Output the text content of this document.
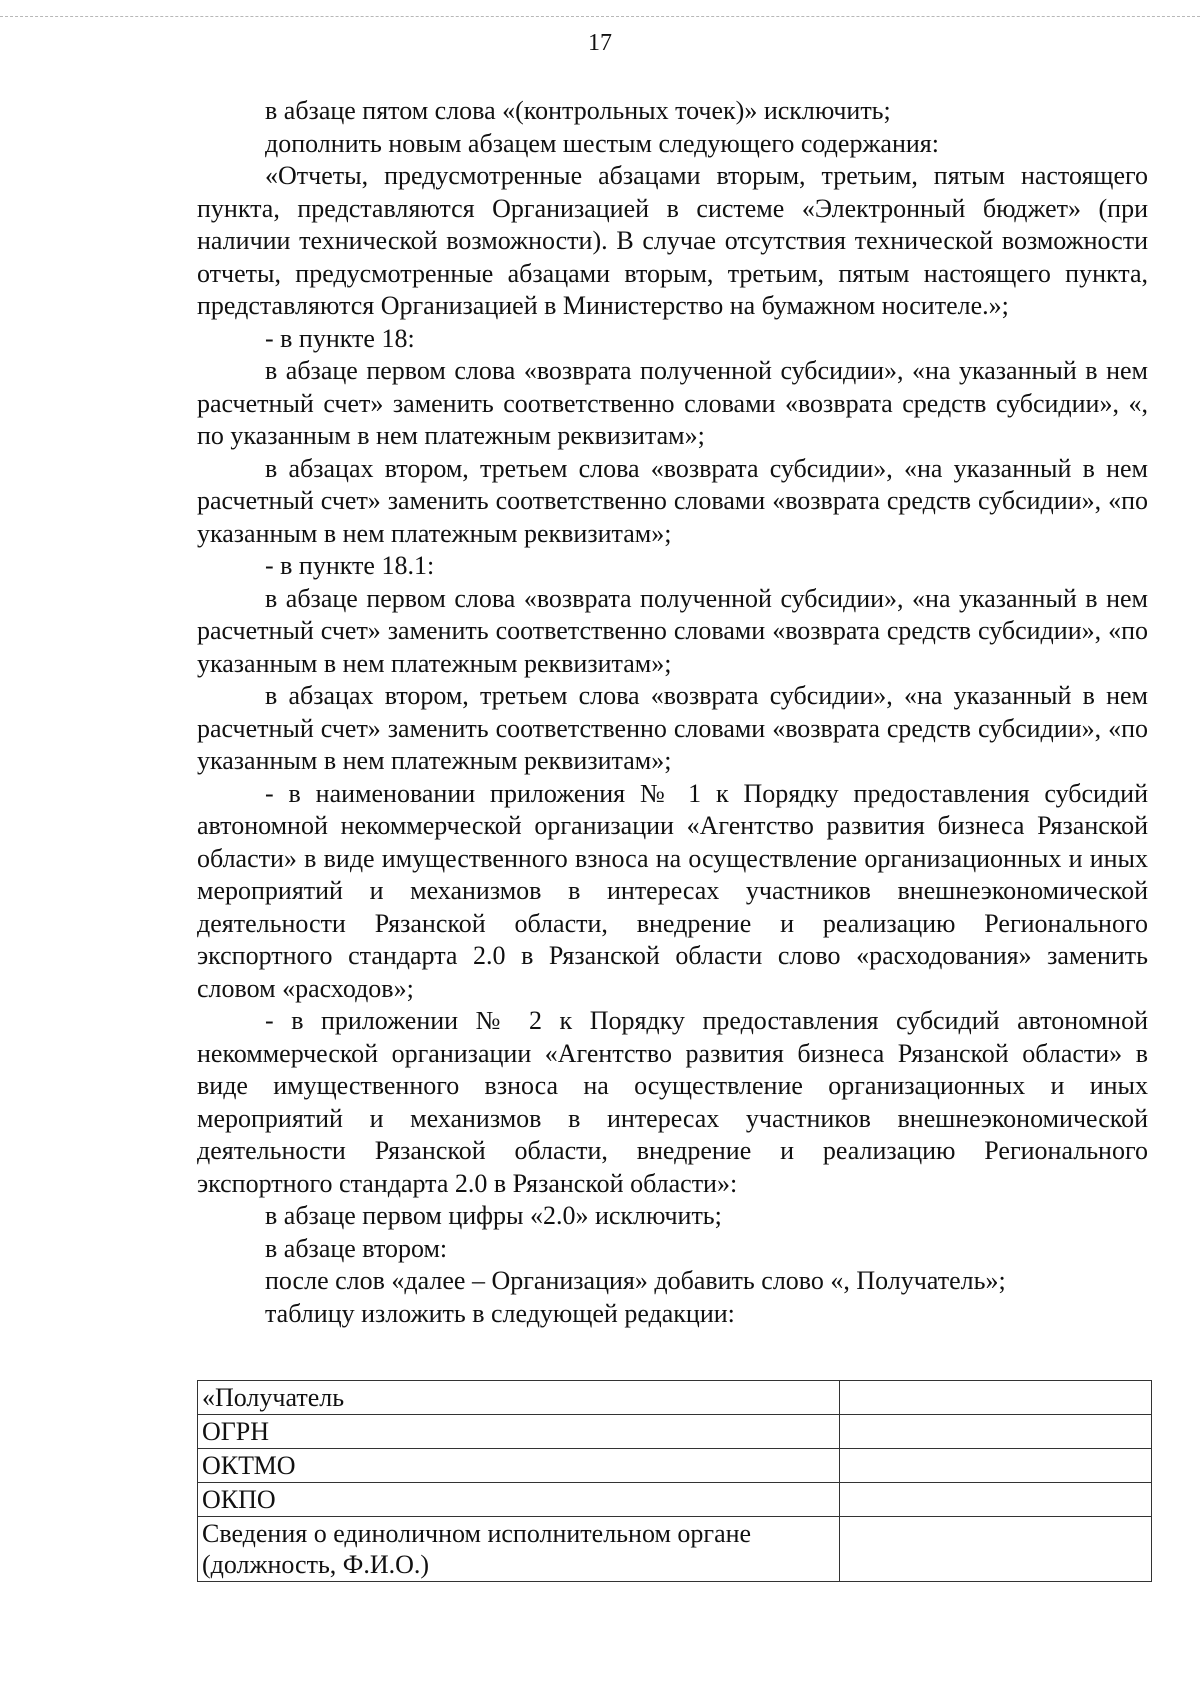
17

в абзаце пятом слова «(контрольных точек)» исключить;

дополнить новым абзацем шестым следующего содержания:

«Отчеты, предусмотренные абзацами вторым, третьим, пятым настоящего пункта, представляются Организацией в системе «Электронный бюджет» (при наличии технической возможности). В случае отсутствия технической возможности отчеты, предусмотренные абзацами вторым, третьим, пятым настоящего пункта, представляются Организацией в Министерство на бумажном носителе.»;

- в пункте 18:

в абзаце первом слова «возврата полученной субсидии», «на указанный в нем расчетный счет» заменить соответственно словами «возврата средств субсидии», «, по указанным в нем платежным реквизитам»;

в абзацах втором, третьем слова «возврата субсидии», «на указанный в нем расчетный счет» заменить соответственно словами «возврата средств субсидии», «по указанным в нем платежным реквизитам»;

- в пункте 18.1:

в абзаце первом слова «возврата полученной субсидии», «на указанный в нем расчетный счет» заменить соответственно словами «возврата средств субсидии», «по указанным в нем платежным реквизитам»;

в абзацах втором, третьем слова «возврата субсидии», «на указанный в нем расчетный счет» заменить соответственно словами «возврата средств субсидии», «по указанным в нем платежным реквизитам»;

- в наименовании приложения № 1 к Порядку предоставления субсидий автономной некоммерческой организации «Агентство развития бизнеса Рязанской области» в виде имущественного взноса на осуществление организационных и иных мероприятий и механизмов в интересах участников внешнеэкономической деятельности Рязанской области, внедрение и реализацию Регионального экспортного стандарта 2.0 в Рязанской области слово «расходования» заменить словом «расходов»;

- в приложении № 2 к Порядку предоставления субсидий автономной некоммерческой организации «Агентство развития бизнеса Рязанской области» в виде имущественного взноса на осуществление организационных и иных мероприятий и механизмов в интересах участников внешнеэкономической деятельности Рязанской области, внедрение и реализацию Регионального экспортного стандарта 2.0 в Рязанской области»:

в абзаце первом цифры «2.0» исключить;

в абзаце втором:

после слов «далее – Организация» добавить слово «, Получатель»;

таблицу изложить в следующей редакции:

«Получатель	
ОГРН	
ОКТМО	
ОКПО	
Сведения о единоличном исполнительном органе (должность, Ф.И.О.)	
